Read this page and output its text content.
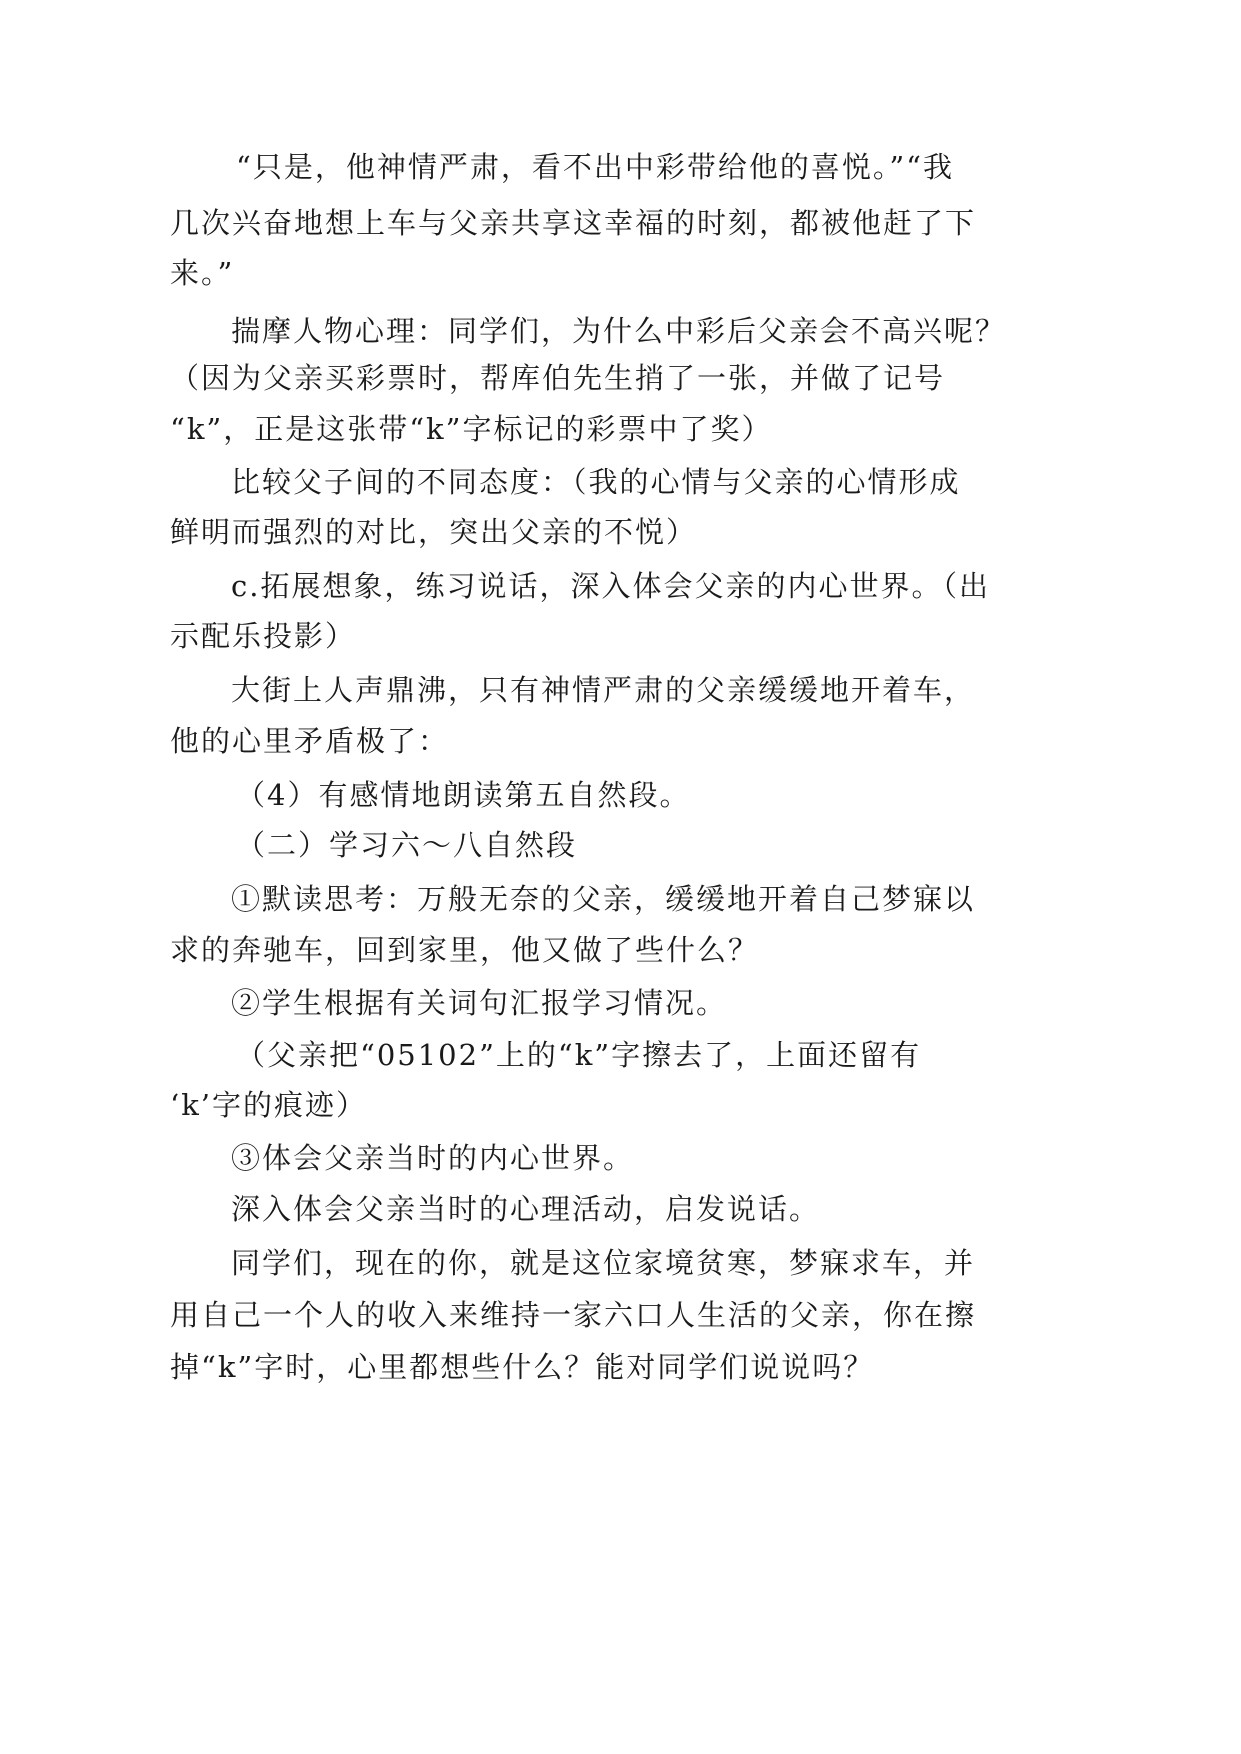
“只是，他神情严肃，看不出中彩带给他的喜悦。”“我
几次兴奋地想上车与父亲共享这幸福的时刻，都被他赶了下
来。”
揣摩人物心理：同学们，为什么中彩后父亲会不高兴呢？
（因为父亲买彩票时，帮库伯先生捎了一张，并做了记号
“k”，正是这张带“k”字标记的彩票中了奖）
比较父子间的不同态度：（我的心情与父亲的心情形成
鲜明而强烈的对比，突出父亲的不悦）
c.拓展想象，练习说话，深入体会父亲的内心世界。（出
示配乐投影）
大街上人声鼎沸，只有神情严肃的父亲缓缓地开着车，
他的心里矛盾极了：
（4）有感情地朗读第五自然段。
（二）学习六～八自然段
①默读思考：万般无奈的父亲，缓缓地开着自己梦寐以
求的奔驰车，回到家里，他又做了些什么？
②学生根据有关词句汇报学习情况。
（父亲把“05102”上的“k”字擦去了，上面还留有
‘k’字的痕迹）
③体会父亲当时的内心世界。
深入体会父亲当时的心理活动，启发说话。
同学们，现在的你，就是这位家境贫寒，梦寐求车，并
用自己一个人的收入来维持一家六口人生活的父亲，你在擦
掉“k”字时，心里都想些什么？能对同学们说说吗？
